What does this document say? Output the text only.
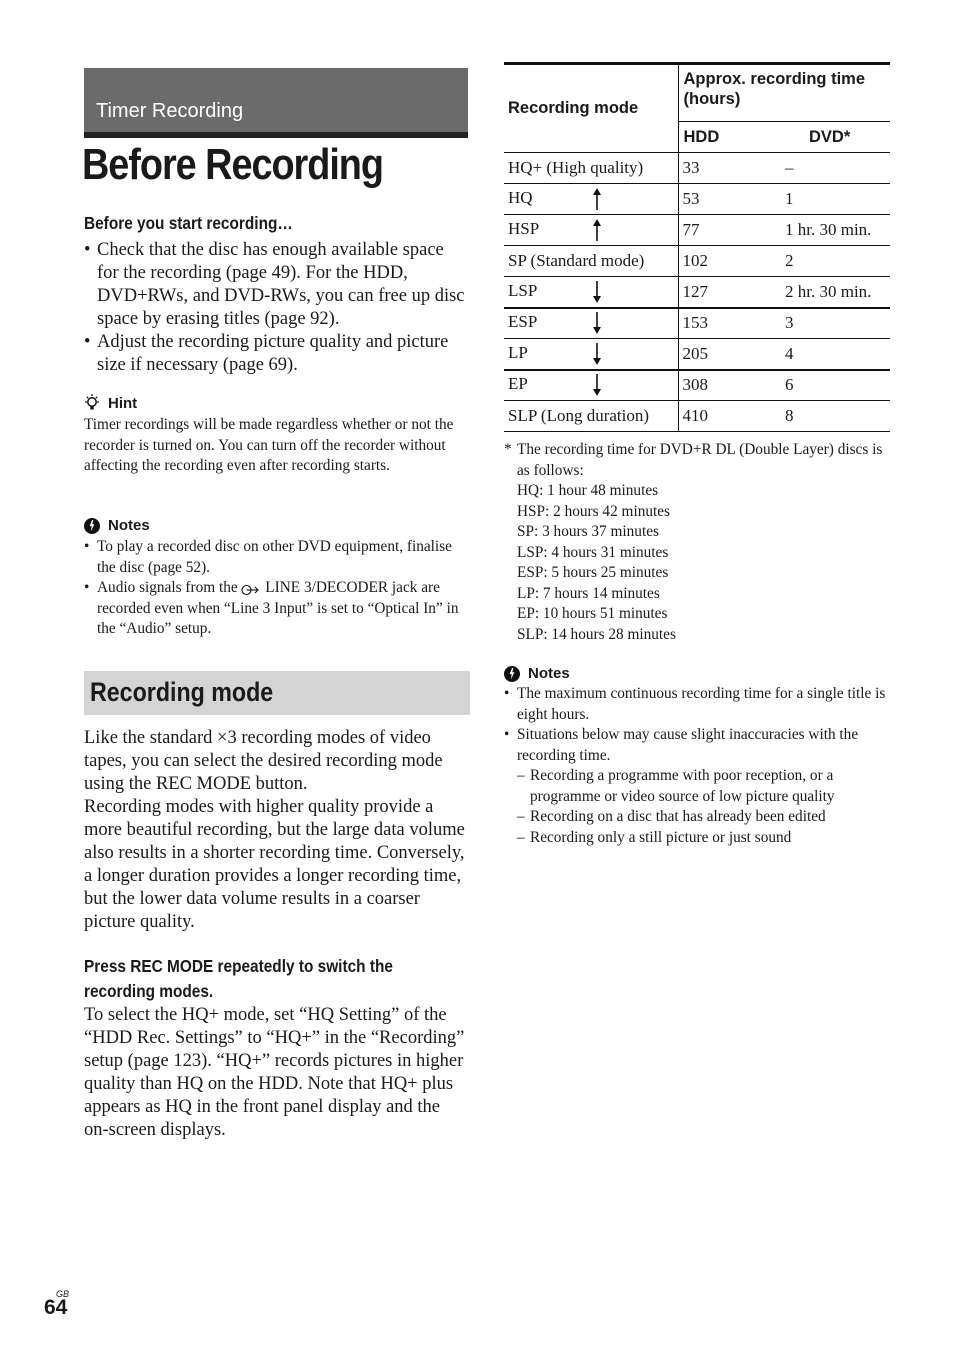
Timer Recording
Before Recording

Before you start recording…

• Check that the disc has enough available space for the recording (page 49). For the HDD, DVD+RWs, and DVD-RWs, you can free up disc space by erasing titles (page 92).
• Adjust the recording picture quality and picture size if necessary (page 69).
Hint

Timer recordings will be made regardless whether or not the recorder is turned on. You can turn off the recorder without affecting the recording even after recording starts.

Notes
• To play a recorded disc on other DVD equipment, finalise the disc (page 52).
• Audio signals from the  LINE 3/DECODER jack are recorded even when “Line 3 Input” is set to “Optical In” in the “Audio” setup.
Recording mode

Like the standard ×3 recording modes of video tapes, you can select the desired recording mode using the REC MODE button.

Recording modes with higher quality provide a more beautiful recording, but the large data volume also results in a shorter recording time. Conversely, a longer duration provides a longer recording time, but the lower data volume results in a coarser picture quality.

Press REC MODE repeatedly to switch the

recording modes.

To select the HQ+ mode, set “HQ Setting” of the “HDD Rec. Settings” to “HQ+” in the “Recording” setup (page 123). “HQ+” records pictures in higher quality than HQ on the HDD. Note that HQ+ plus appears as HQ in the front panel display and the on-screen displays.

Recording mode	Approx. recording time (hours)	
	HDD	DVD*
HQ+ (High quality)	33	–
HQ	53	1
HSP	77	1 hr. 30 min.
SP (Standard mode)	102	2
LSP	127	2 hr. 30 min.
ESP	153	3
LP	205	4
EP	308	6
SLP (Long duration)	410	8
* The recording time for DVD+R DL (Double Layer) discs is as follows:
HQ: 1 hour 48 minutes
HSP: 2 hours 42 minutes
SP: 3 hours 37 minutes
LSP: 4 hours 31 minutes
ESP: 5 hours 25 minutes
LP: 7 hours 14 minutes
EP: 10 hours 51 minutes
SLP: 14 hours 28 minutes
Notes
• The maximum continuous recording time for a single title is eight hours.
• Situations below may cause slight inaccuracies with the recording time.
– Recording a programme with poor reception, or a programme or video source of low picture quality
– Recording on a disc that has already been edited
– Recording only a still picture or just sound
GB
64
